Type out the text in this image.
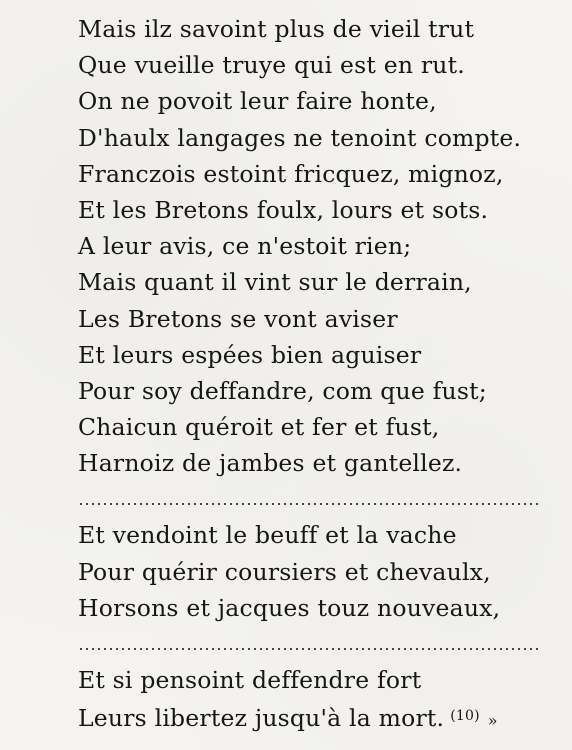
Mais ilz savoint plus de vieil trut
Que vueille truye qui est en rut.
On ne povoit leur faire honte,
D'haulx langages ne tenoint compte.
Franczois estoint fricquez, mignoz,
Et les Bretons foulx, lours et sots.
A leur avis, ce n'estoit rien;
Mais quant il vint sur le derrain,
Les Bretons se vont aviser
Et leurs espées bien aguiser
Pour soy deffandre, com que fust;
Chaicun quéroit et fer et fust,
Harnoiz de jambes et gantellez.
Et vendoint le beuff et la vache
Pour quérir coursiers et chevaulx,
Horsons et jacques touz nouveaux,
Et si pensoint deffendre fort
Leurs libertez jusqu'à la mort. $^{(10)}$ »
